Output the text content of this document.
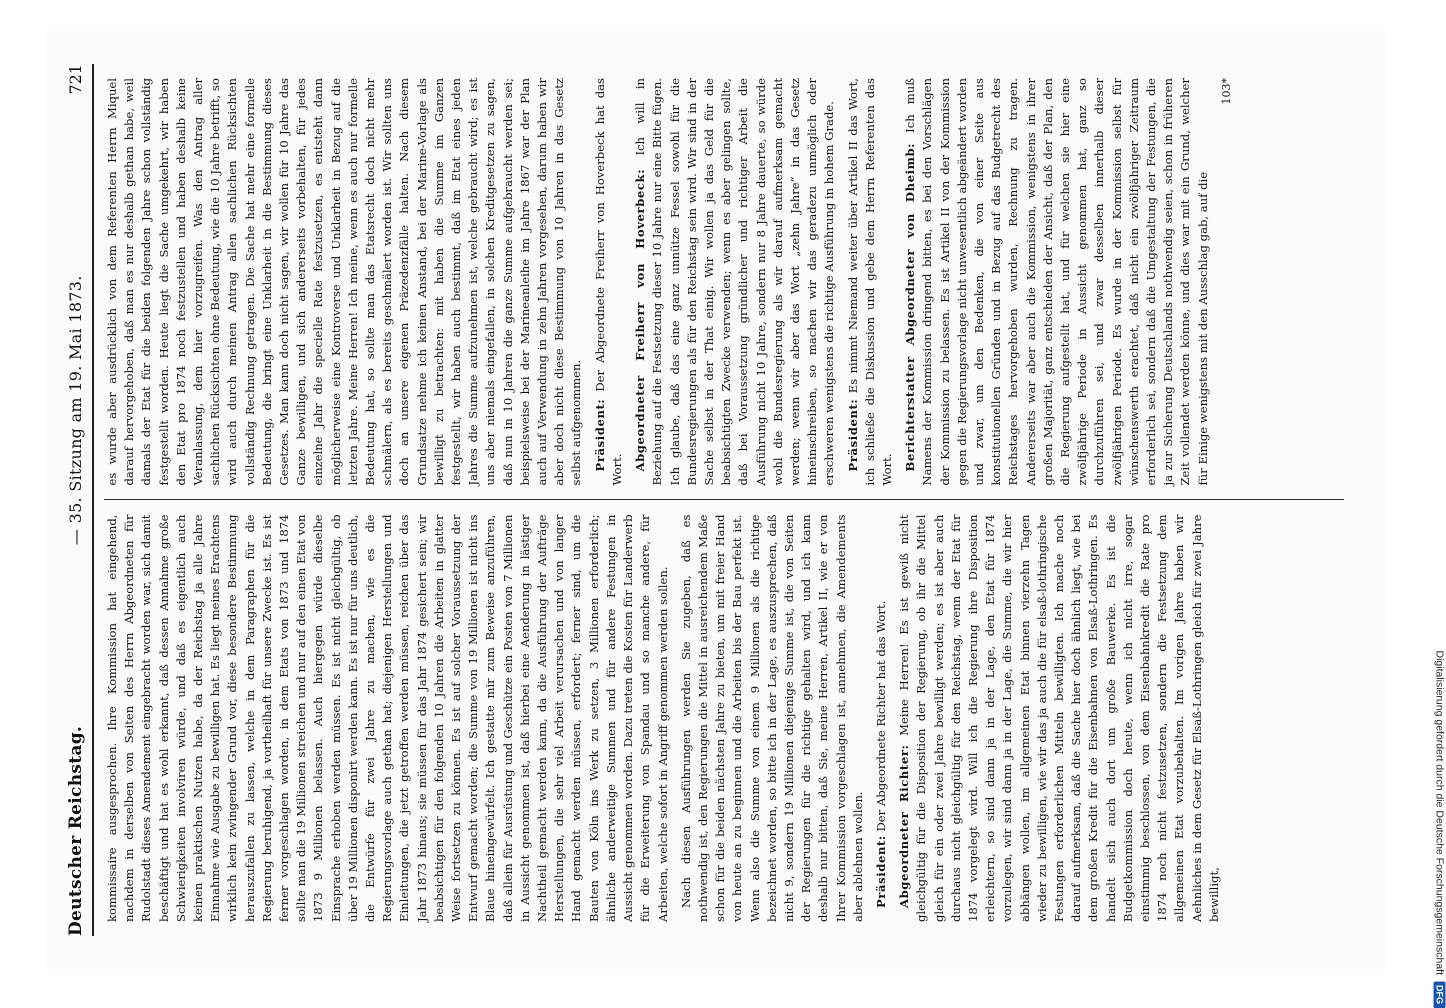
Deutscher Reichstag.
— 35. Sitzung am 19. Mai 1873.
721

kommissaire ausgesprochen. Ihre Kommission hat eingehend, nachdem in derselben von Seiten des Herrn Abgeordneten für Rudolstadt dieses Amendement eingebracht worden war, sich damit beschäftigt und hat es wohl erkannt, daß dessen Annahme große Schwierigkeiten involviren würde, und daß es eigentlich auch keinen praktischen Nutzen habe, da der Reichstag ja alle Jahre Einnahme wie Ausgabe zu bewilligen hat. Es liegt meines Erachtens wirklich kein zwingender Grund vor, diese besondere Bestimmung herauszufallen zu lassen, welche in dem Paragraphen für die Regierung beruhigend, ja vortheilhaft für unsere Zwecke ist. Es ist ferner vorgeschlagen worden, in dem Etats von 1873 und 1874 sollte man die 19 Millionen streichen und nur auf den einen Etat von 1873 9 Millionen belassen. Auch hiergegen würde dieselbe Einsprache erhoben werden müssen. Es ist nicht gleichgültig, ob über 19 Millionen disponirt werden kann. Es ist nur für uns deutlich, die Entwürfe für zwei Jahre zu machen, wie es die Regierungsvorlage auch gethan hat; diejenigen Herstellungen und Einleitungen, die jetzt getroffen werden müssen, reichen über das Jahr 1873 hinaus; sie müssen für das Jahr 1874 gesichert sein; wir beabsichtigen für den folgenden 10 Jahren die Arbeiten in glatter Weise fortsetzen zu können. Es ist auf solcher Voraussetzung der Entwurf gemacht worden; die Summe von 19 Millionen ist nicht ins Blaue hineingewürfelt. Ich gestatte mir zum Beweise anzuführen, daß allein für Ausrüstung und Geschütze ein Posten von 7 Millionen in Aussicht genommen ist, daß hierbei eine Aenderung in lästiger Nachtheil gemacht werden kann, da die Ausführung der Aufträge Herstellungen, die sehr viel Arbeit verursachen und von langer Hand gemacht werden müssen, erfordert; ferner sind, um die Bauten von Köln ins Werk zu setzen, 3 Millionen erforderlich; ähnliche anderweitige Summen und für andere Festungen in Aussicht genommen worden. Dazu treten die Kosten für Landerwerb für die Erweiterung von Spandau und so manche andere, für Arbeiten, welche sofort in Angriff genommen werden sollen. Nach diesen Ausführungen werden Sie zugeben, daß es nothwendig ist, den Regierungen die Mittel in ausreichendem Maße schon für die beiden nächsten Jahre zu bieten, um mit freier Hand von heute an zu beginnen und die Arbeiten bis der Bau perfekt ist. Wenn also die Summe von einem 9 Millionen als die richtige bezeichnet worden, so bitte ich in der Lage, es auszusprechen, daß nicht 9, sondern 19 Millionen diejenige Summe ist, die von Seiten der Regierungen für die richtige gehalten wird, und ich kann deshalb nur bitten, daß Sie, meine Herren, Artikel II, wie er von Ihrer Kommission vorgeschlagen ist, annehmen, die Amendements aber ablehnen wollen. Präsident: Der Abgeordnete Richter hat das Wort. Abgeordneter Richter: Meine Herren! Es ist gewiß nicht gleichgültig für die Disposition der Regierung, ob ihr die Mittel gleich für ein oder zwei Jahre bewilligt werden; es ist aber auch durchaus nicht gleichgültig für den Reichstag, wenn der Etat für 1874 vorgelegt wird. Will ich die Regierung ihre Disposition erleichtern, so sind dann ja in der Lage, den Etat für 1874 vorzulegen, wir sind dann ja in der Lage, die Summe, die wir hier abhängen wollen, im allgemeinen Etat binnen vierzehn Tagen wieder zu bewilligen, wie wir das ja auch die für elsaß-lothringische Festungen erforderlichen Mitteln bewilligten. Ich mache noch darauf aufmerksam, daß die Sache hier doch ähnlich liegt, wie bei dem großen Kredit für die Eisenbahnen von Elsaß-Lothringen. Es handelt sich auch dort um große Bauwerke. Es ist die Budgetkommission doch heute, wenn ich nicht irre, sogar einstimmig beschlossen, von dem Eisenbahnkredit die Rate pro 1874 noch nicht festzusetzen, sondern die Festsetzung dem allgemeinen Etat vorzubehalten. Im vorigen Jahre haben wir Aehnliches in dem Gesetz für Elsaß-Lothringen gleich für zwei Jahre bewilligt,

es wurde aber ausdrücklich von dem Referenten Herrn Miquel darauf hervorgehoben, daß man es nur deshalb gethan habe, weil damals der Etat für die beiden folgenden Jahre schon vollständig festgestellt worden. Heute liegt die Sache umgekehrt, wir haben den Etat pro 1874 noch festzustellen und haben deshalb keine Veranlassung, dem hier vorzugreifen. Was den Antrag aller sachlichen Rücksichten ohne Bedeutung, wie die 10 Jahre betrifft, so wird auch durch meinen Antrag allen sachlichen Rücksichten vollständig Rechnung getragen. Die Sache hat mehr eine formelle Bedeutung, die bringt eine Unklarheit in die Bestimmung dieses Gesetzes. Man kann doch nicht sagen, wir wollen für 10 Jahre das Ganze bewilligen, und sich andererseits vorbehalten, für jedes einzelne Jahr die specielle Rate festzusetzen, es entsteht dann möglicherweise eine Kontroverse und Unklarheit in Bezug auf die letzten Jahre. Meine Herren! Ich meine, wenn es auch nur formelle Bedeutung hat, so sollte man das Etatsrecht doch nicht mehr schmälern, als es bereits geschmälert worden ist. Wir sollten uns doch an unsere eigenen Präzedenzfälle halten. Nach diesem Grundsatze nehme ich keinen Anstand, bei der Marine-Vorlage als bewilligt zu betrachten: mit haben die Summe im Ganzen festgestellt, wir haben auch bestimmt, daß im Etat eines jeden Jahres die Summe aufzunehmen ist, welche gebraucht wird; es ist uns aber niemals eingefallen, in solchen Kreditgesetzen zu sagen, daß nun in 10 Jahren die ganze Summe aufgebraucht werden sei; beispielsweise bei der Marineanleihe im Jahre 1867 war der Plan auch auf Verwendung in zehn Jahren vorgesehen, darum haben wir aber doch nicht diese Bestimmung von 10 Jahren in das Gesetz selbst aufgenommen. Präsident: Der Abgeordnete Freiherr von Hoverbeck hat das Wort. Abgeordneter Freiherr von Hoverbeck: Ich will in Beziehung auf die Festsetzung dieser 10 Jahre nur eine Bitte fügen. Ich glaube, daß das eine ganz unnütze Fessel sowohl für die Bundesregierungen als für den Reichstag sein wird. Wir sind in der Sache selbst in der That einig. Wir wollen ja das Geld für die beabsichtigten Zwecke verwenden; wenn es aber gelingen sollte, daß bei Voraussetzung gründlicher und richtiger Arbeit die Ausführung nicht 10 Jahre, sondern nur 8 Jahre dauerte, so würde wohl die Bundesregierung als wir darauf aufmerksam gemacht werden; wenn wir aber das Wort „zehn Jahre“ in das Gesetz hineinschreiben, so machen wir das geradezu unmöglich oder erschweren wenigstens die richtige Ausführung in hohem Grade. Präsident: Es nimmt Niemand weiter über Artikel II das Wort, ich schließe die Diskussion und gebe dem Herrn Referenten das Wort. Berichterstatter Abgeordneter von Dheimb: Ich muß Namens der Kommission dringend bitten, es bei den Vorschlägen der Kommission zu belassen. Es ist Artikel II von der Kommission gegen die Regierungsvorlage nicht unwesentlich abgeändert worden und zwar, um den Bedenken, die von einer Seite aus konstitutionellen Gründen und in Bezug auf das Budgetrecht des Reichstages hervorgehoben wurden, Rechnung zu tragen. Andererseits war aber auch die Kommission, wenigstens in ihrer großen Majorität, ganz entschieden der Ansicht, daß der Plan, den die Regierung aufgestellt hat, und für welchen sie hier eine zwölfjährige Periode in Aussicht genommen hat, ganz so durchzuführen sei, und zwar desselben innerhalb dieser zwölfjährigen Periode. Es wurde in der Kommission selbst für wünschenswerth erachtet, daß nicht ein zwölfjähriger Zeitraum erforderlich sei, sondern daß die Umgestaltung der Festungen, die ja zur Sicherung Deutschlands nothwendig seien, schon in früheren Zeit vollendet werden könne, und dies war mit ein Grund, welcher für Einige wenigstens mit den Ausschlag gab, auf die

103*
Digitalisierung gefördert durch die Deutsche ForschungsgemeinschaftDFG
